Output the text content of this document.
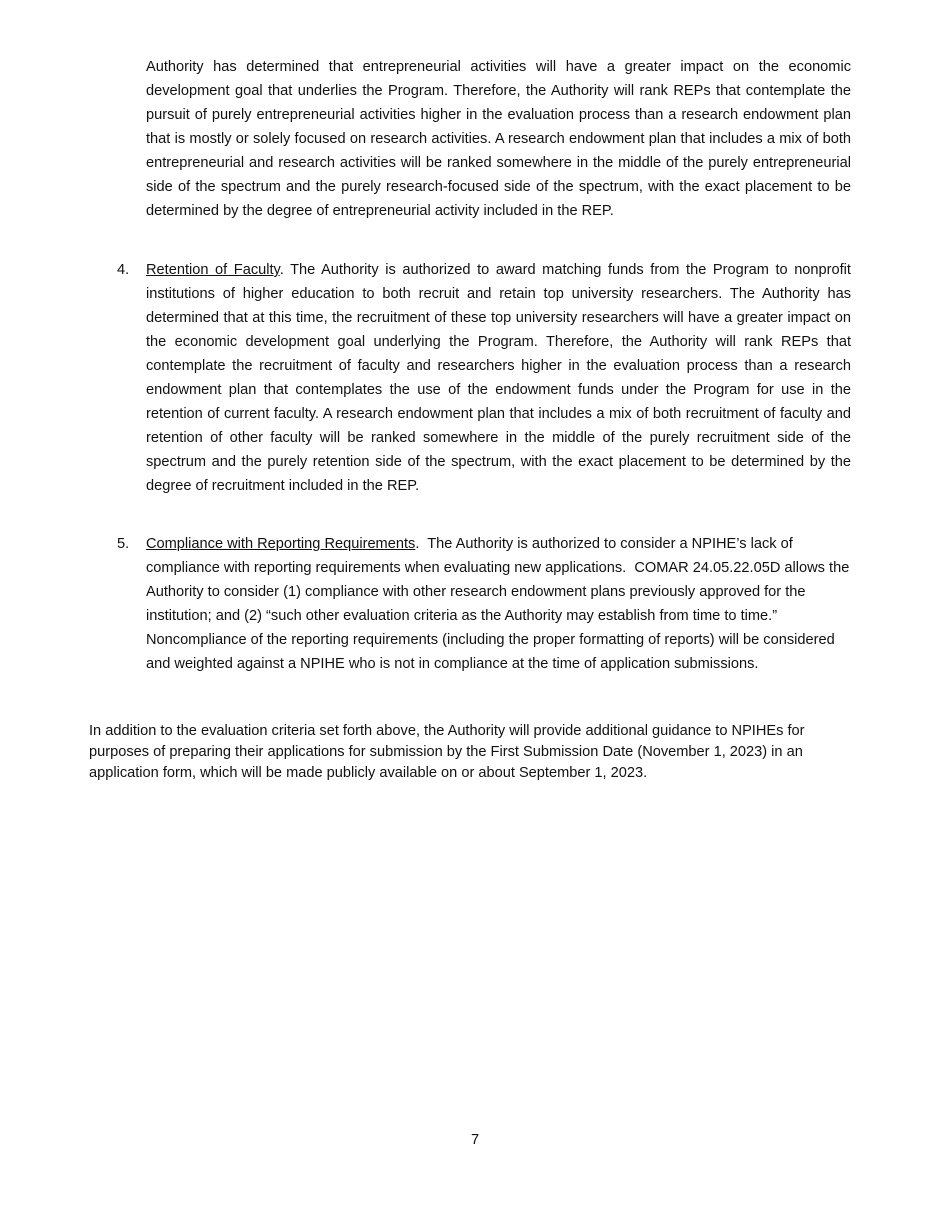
Authority has determined that entrepreneurial activities will have a greater impact on the economic development goal that underlies the Program. Therefore, the Authority will rank REPs that contemplate the pursuit of purely entrepreneurial activities higher in the evaluation process than a research endowment plan that is mostly or solely focused on research activities. A research endowment plan that includes a mix of both entrepreneurial and research activities will be ranked somewhere in the middle of the purely entrepreneurial side of the spectrum and the purely research-focused side of the spectrum, with the exact placement to be determined by the degree of entrepreneurial activity included in the REP.

4. Retention of Faculty. The Authority is authorized to award matching funds from the Program to nonprofit institutions of higher education to both recruit and retain top university researchers. The Authority has determined that at this time, the recruitment of these top university researchers will have a greater impact on the economic development goal underlying the Program. Therefore, the Authority will rank REPs that contemplate the recruitment of faculty and researchers higher in the evaluation process than a research endowment plan that contemplates the use of the endowment funds under the Program for use in the retention of current faculty. A research endowment plan that includes a mix of both recruitment of faculty and retention of other faculty will be ranked somewhere in the middle of the purely recruitment side of the spectrum and the purely retention side of the spectrum, with the exact placement to be determined by the degree of recruitment included in the REP.
5. Compliance with Reporting Requirements.  The Authority is authorized to consider a NPIHE’s lack of compliance with reporting requirements when evaluating new applications.  COMAR 24.05.22.05D allows the Authority to consider (1) compliance with other research endowment plans previously approved for the institution; and (2) “such other evaluation criteria as the Authority may establish from time to time.”  Noncompliance of the reporting requirements (including the proper formatting of reports) will be considered and weighted against a NPIHE who is not in compliance at the time of application submissions.

In addition to the evaluation criteria set forth above, the Authority will provide additional guidance to NPIHEs for purposes of preparing their applications for submission by the First Submission Date (November 1, 2023) in an application form, which will be made publicly available on or about September 1, 2023.

7
